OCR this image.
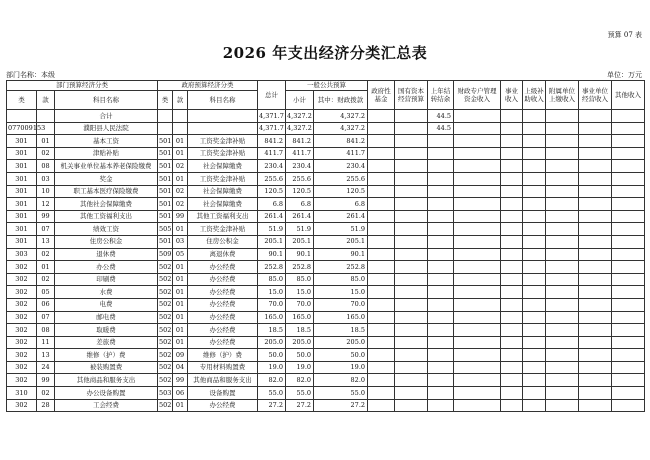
预算 07 表
2026 年支出经济分类汇总表
部门名称：本级	单位：万元
部门预算经济分类			政府预算经济分类			总计	一般公共预算		政府性基金	国有资本经营预算	上年结转结余	财政专户管理资金收入	事业收入	上级补助收入	附属单位上缴收入	事业单位经营收入	其他收入
类	款	科目名称	类	款	科目名称		小计	其中：财政拨款									
		合计				4,371.7	4,327.2	4,327.2			44.5						
077009153		濮阳县人民法院				4,371.7	4,327.2	4,327.2			44.5						
301	01	基本工资	501	01	工资奖金津补贴	841.2	841.2	841.2									
301	02	津贴补贴	501	01	工资奖金津补贴	411.7	411.7	411.7									
301	08	机关事业单位基本养老保险缴费	501	02	社会保障缴费	230.4	230.4	230.4									
301	03	奖金	501	01	工资奖金津补贴	255.6	255.6	255.6									
301	10	职工基本医疗保险缴费	501	02	社会保障缴费	120.5	120.5	120.5									
301	12	其他社会保障缴费	501	02	社会保障缴费	6.8	6.8	6.8									
301	99	其他工资福利支出	501	99	其他工资福利支出	261.4	261.4	261.4									
301	07	绩效工资	505	01	工资奖金津补贴	51.9	51.9	51.9									
301	13	住房公积金	501	03	住房公积金	205.1	205.1	205.1									
303	02	退休费	509	05	离退休费	90.1	90.1	90.1									
302	01	办公费	502	01	办公经费	252.8	252.8	252.8									
302	02	印刷费	502	01	办公经费	85.0	85.0	85.0									
302	05	水费	502	01	办公经费	15.0	15.0	15.0									
302	06	电费	502	01	办公经费	70.0	70.0	70.0									
302	07	邮电费	502	01	办公经费	165.0	165.0	165.0									
302	08	取暖费	502	01	办公经费	18.5	18.5	18.5									
302	11	差旅费	502	01	办公经费	205.0	205.0	205.0									
302	13	维修（护）费	502	09	维修（护）费	50.0	50.0	50.0									
302	24	被装购置费	502	04	专用材料购置费	19.0	19.0	19.0									
302	99	其他商品和服务支出	502	99	其他商品和服务支出	82.0	82.0	82.0									
310	02	办公设备购置	503	06	设备购置	55.0	55.0	55.0									
302	28	工会经费	502	01	办公经费	27.2	27.2	27.2									
